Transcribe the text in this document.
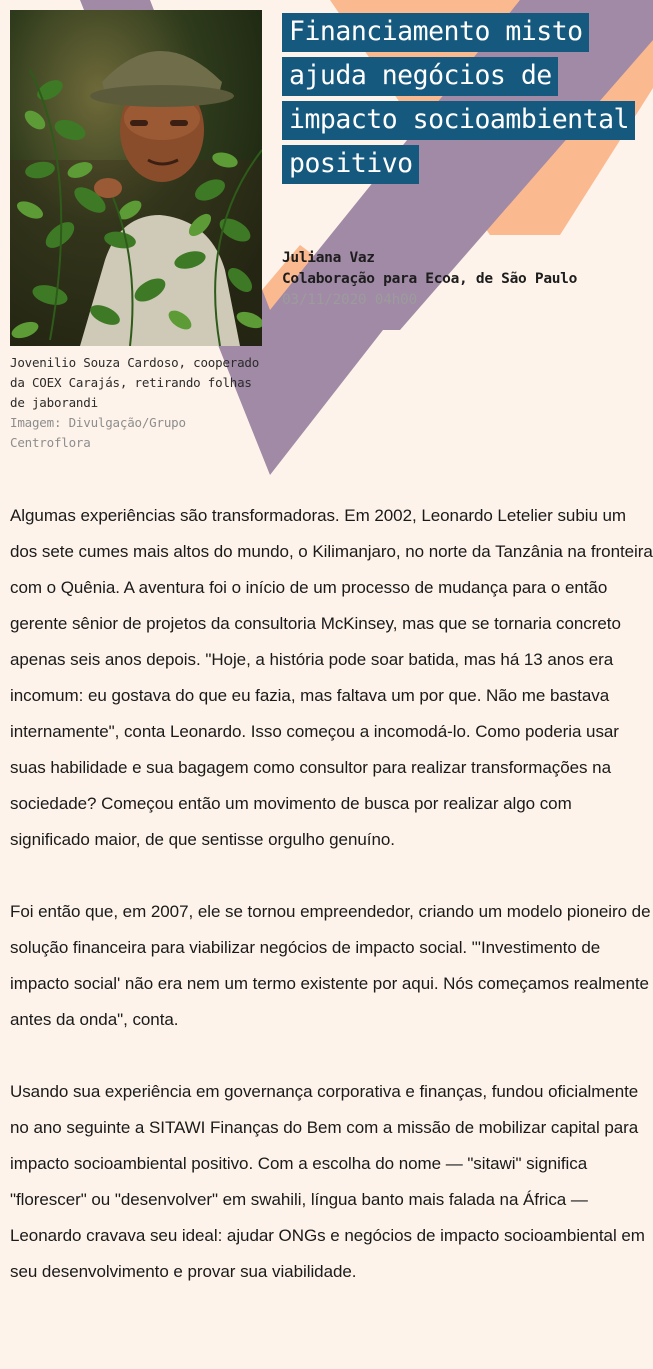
Jovenilio Souza Cardoso, cooperado da COEX Carajás, retirando folhas de jaborandi
Imagem: Divulgação/Grupo Centroflora
Financiamento misto ajuda negócios de impacto socioambiental positivo
Juliana Vaz
Colaboração para Ecoa, de São Paulo
03/11/2020 04h00

Algumas experiências são transformadoras. Em 2002, Leonardo Letelier subiu um dos sete cumes mais altos do mundo, o Kilimanjaro, no norte da Tanzânia na fronteira com o Quênia. A aventura foi o início de um processo de mudança para o então gerente sênior de projetos da consultoria McKinsey, mas que se tornaria concreto apenas seis anos depois. "Hoje, a história pode soar batida, mas há 13 anos era incomum: eu gostava do que eu fazia, mas faltava um por que. Não me bastava internamente", conta Leonardo. Isso começou a incomodá-lo. Como poderia usar suas habilidade e sua bagagem como consultor para realizar transformações na sociedade? Começou então um movimento de busca por realizar algo com significado maior, de que sentisse orgulho genuíno.

Foi então que, em 2007, ele se tornou empreendedor, criando um modelo pioneiro de solução financeira para viabilizar negócios de impacto social. "'Investimento de impacto social' não era nem um termo existente por aqui. Nós começamos realmente antes da onda", conta.

Usando sua experiência em governança corporativa e finanças, fundou oficialmente no ano seguinte a SITAWI Finanças do Bem com a missão de mobilizar capital para impacto socioambiental positivo. Com a escolha do nome — "sitawi" significa "florescer" ou "desenvolver" em swahili, língua banto mais falada na África — Leonardo cravava seu ideal: ajudar ONGs e negócios de impacto socioambiental em seu desenvolvimento e provar sua viabilidade.
